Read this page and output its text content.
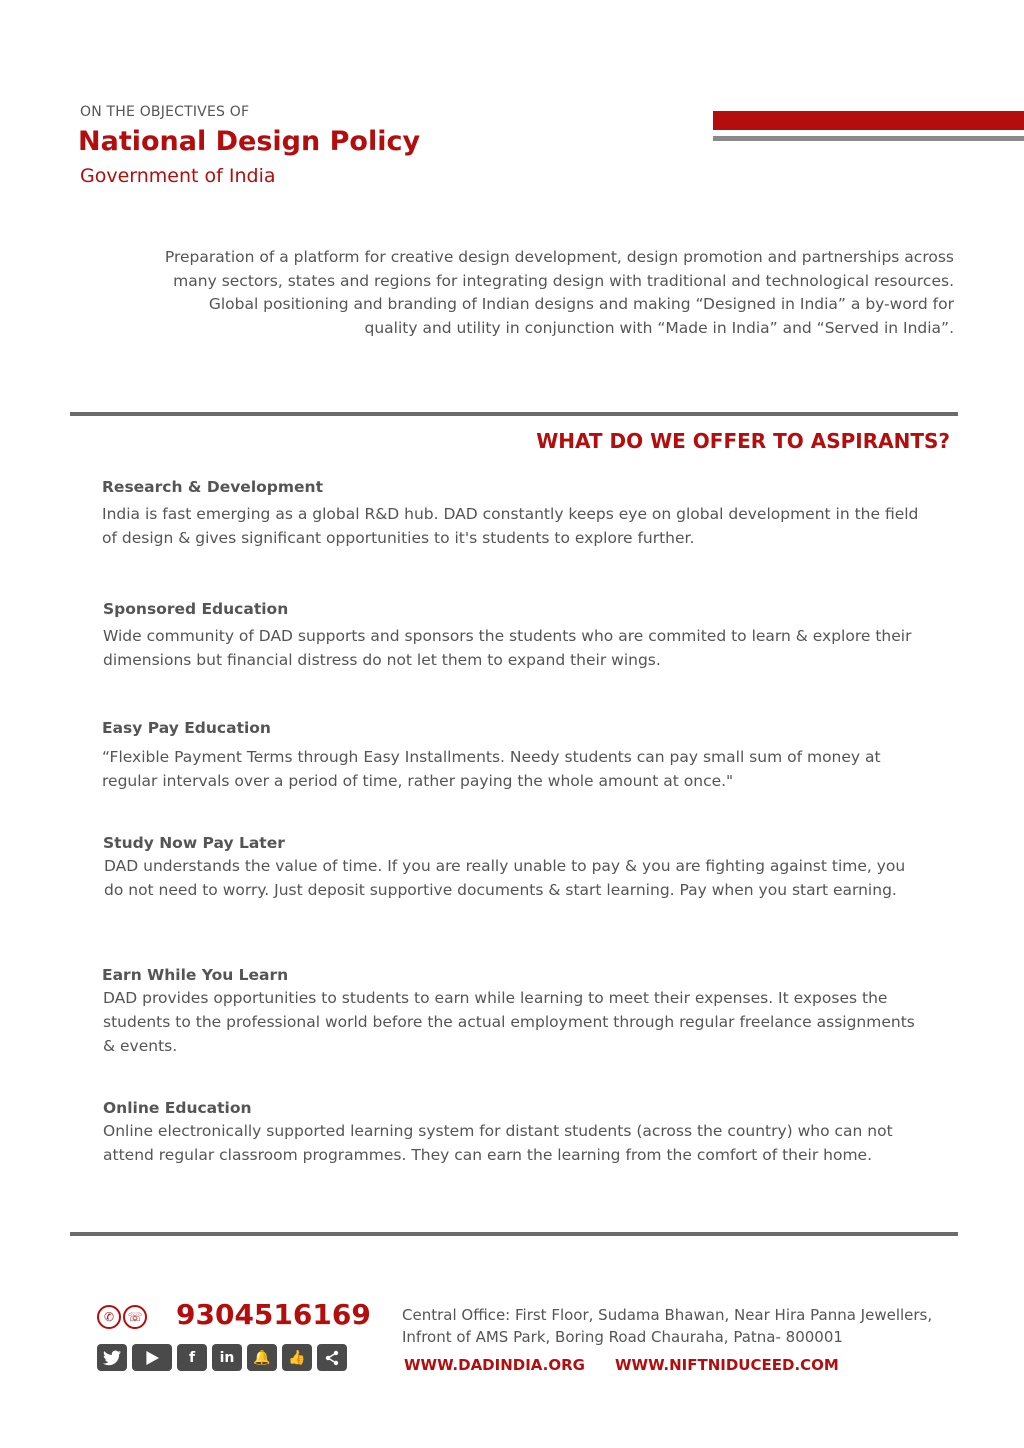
ON THE OBJECTIVES OF
National Design Policy
Government of India

Preparation of a platform for creative design development, design promotion and partnerships across many sectors, states and regions for integrating design with traditional and technological resources.

Global positioning and branding of Indian designs and making “Designed in India” a by-word for quality and utility in conjunction with “Made in India” and “Served in India”.

WHAT DO WE OFFER TO ASPIRANTS?
Research & Development

India is fast emerging as a global R&D hub. DAD constantly keeps eye on global development in the field of design & gives significant opportunities to it's students to explore further.

Sponsored Education

Wide community of DAD supports and sponsors the students who are commited to learn & explore their dimensions but financial distress do not let them to expand their wings.

Easy Pay Education

“Flexible Payment Terms through Easy Installments. Needy students can pay small sum of money at regular intervals over a period of time, rather paying the whole amount at once."

Study Now Pay Later

DAD understands the value of time. If you are really unable to pay & you are fighting against time, you do not need to worry. Just deposit supportive documents & start learning. Pay when you start earning.

Earn While You Learn

DAD provides opportunities to students to earn while learning to meet their expenses. It exposes the students to the professional world before the actual employment through regular freelance assignments & events.

Online Education

Online electronically supported learning system for distant students (across the country) who can not attend regular classroom programmes. They can earn the learning from the comfort of their home.

✆	☏ 9304516169
f	in	🔔	👍
Central Office: First Floor, Sudama Bhawan, Near Hira Panna Jewellers,
Infront of AMS Park, Boring Road Chauraha, Patna- 800001
WWW.DADINDIA.ORG WWW.NIFTNIDUCEED.COM
